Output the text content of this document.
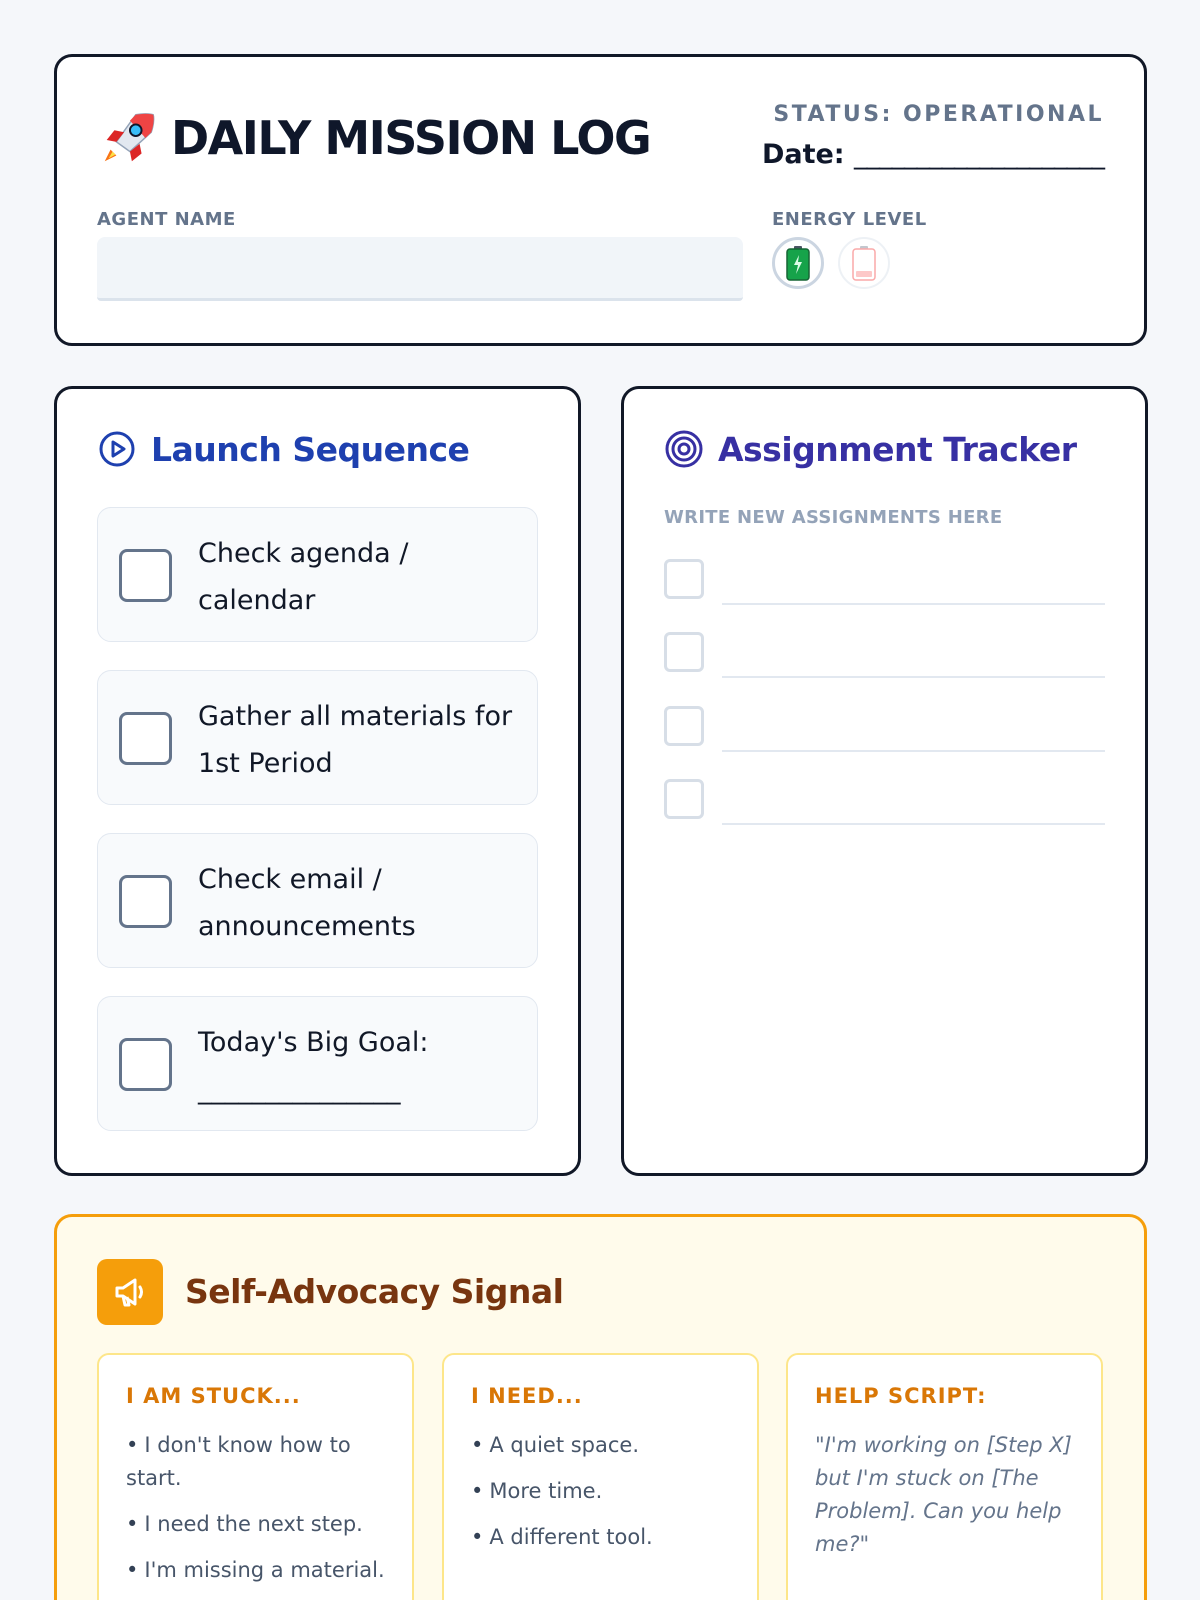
DAILY MISSION LOG	STATUS: OPERATIONAL
Date: ____________________
AGENT NAME	ENERGY LEVEL
Launch Sequence
Check agenda / calendar
Gather all materials for 1st Period
Check email / announcements
Today's Big Goal: _______________
Assignment Tracker
WRITE NEW ASSIGNMENTS HERE
Self-Advocacy Signal
I AM STUCK...
• I don't know how to start.
• I need the next step.
• I'm missing a material.
I NEED...
• A quiet space.
• More time.
• A different tool.
HELP SCRIPT:
"I'm working on [Step X] but I'm stuck on [The Problem]. Can you help me?"
